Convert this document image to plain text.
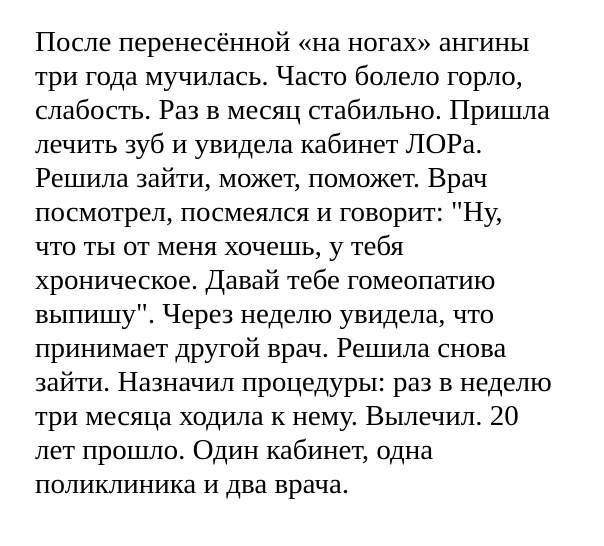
После перенесённой «на ногах» ангины
три года мучилась. Часто болело горло,
слабость. Раз в месяц стабильно. Пришла
лечить зуб и увидела кабинет ЛОРа.
Решила зайти, может, поможет. Врач
посмотрел, посмеялся и говорит: "Ну,
что ты от меня хочешь, у тебя
хроническое. Давай тебе гомеопатию
выпишу". Через неделю увидела, что
принимает другой врач. Решила снова
зайти. Назначил процедуры: раз в неделю
три месяца ходила к нему. Вылечил. 20
лет прошло. Один кабинет, одна
поликлиника и два врача.
